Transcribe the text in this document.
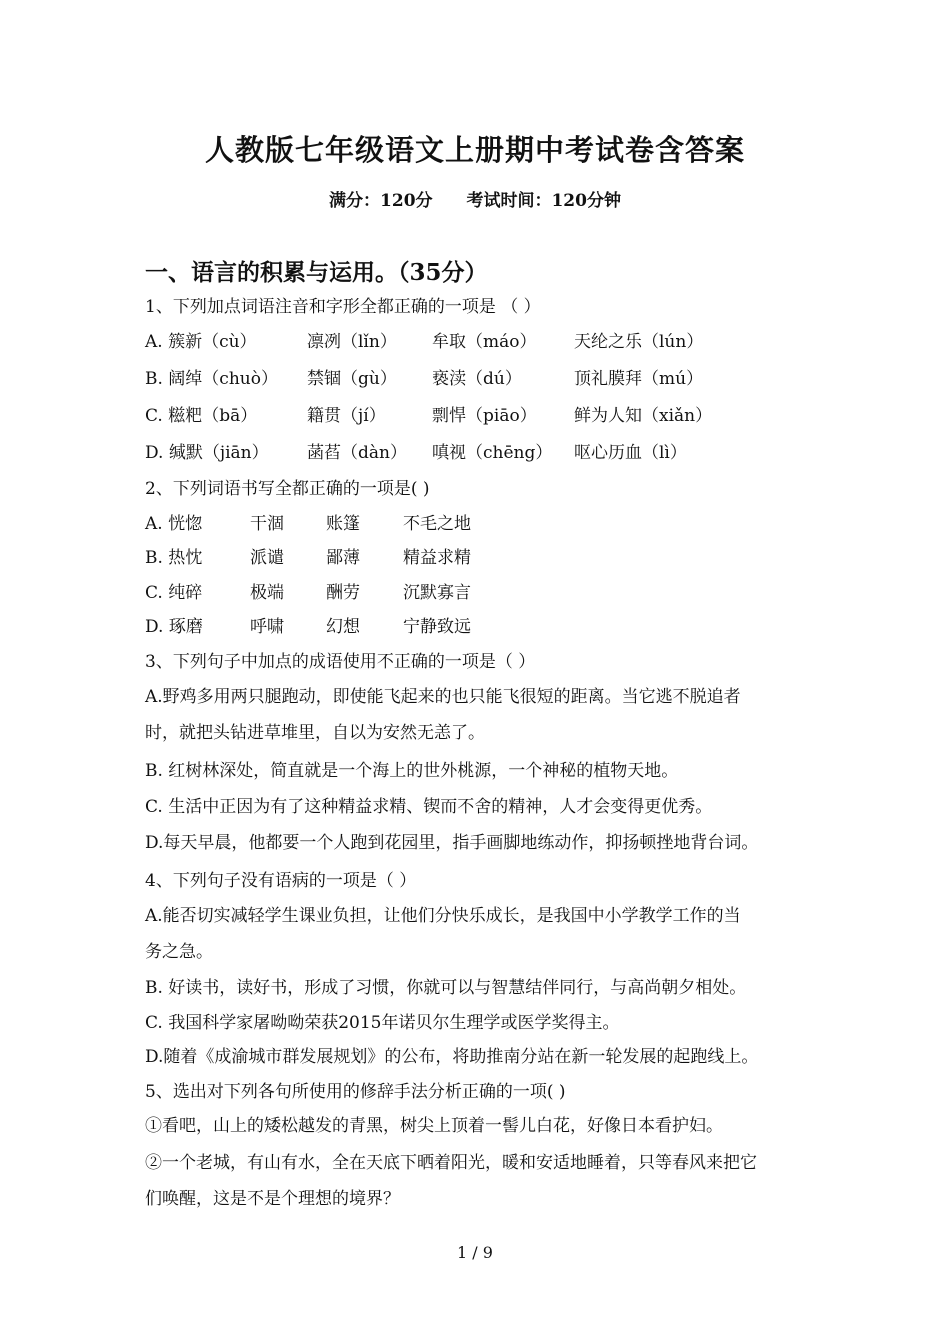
人教版七年级语文上册期中考试卷含答案
满分：120分 考试时间：120分钟
一、语言的积累与运用。（35分）
1、下列加点词语注音和字形全都正确的一项是 （ ）
A. 簇新（cù）	凛冽（lǐn） 牟取（máo） 天纶之乐（lún）
B. 阔绰（chuò） 禁锢（gù） 亵渎（dú）	顶礼膜拜（mú）
C. 糍粑（bā）	籍贯（jí）	剽悍（piāo） 鲜为人知（xiǎn）
D. 缄默（jiān） 菡萏（dàn） 嗔视（chēng） 呕心历血（lì）
2、下列词语书写全都正确的一项是( )
A. 恍惚	干涸 账篷	不毛之地
B. 热忱	派谴 鄙薄	精益求精
C. 纯碎	极端 酬劳	沉默寡言
D. 琢磨	呼啸 幻想	宁静致远
3、下列句子中加点的成语使用不正确的一项是（ ）
A.野鸡多用两只腿跑动，即使能飞起来的也只能飞很短的距离。当它逃不脱追者
时，就把头钻进草堆里，自以为安然无恙了。
B. 红树林深处，简直就是一个海上的世外桃源，一个神秘的植物天地。
C. 生活中正因为有了这种精益求精、锲而不舍的精神，人才会变得更优秀。
D.每天早晨，他都要一个人跑到花园里，指手画脚地练动作，抑扬顿挫地背台词。
4、下列句子没有语病的一项是（ ）
A.能否切实减轻学生课业负担，让他们分快乐成长，是我国中小学教学工作的当
务之急。
B. 好读书，读好书，形成了习惯，你就可以与智慧结伴同行，与高尚朝夕相处。
C. 我国科学家屠呦呦荣获2015年诺贝尔生理学或医学奖得主。
D.随着《成渝城市群发展规划》的公布，将助推南分站在新一轮发展的起跑线上。
5、选出对下列各句所使用的修辞手法分析正确的一项( )
①看吧，山上的矮松越发的青黑，树尖上顶着一髻儿白花，好像日本看护妇。
②一个老城，有山有水，全在天底下晒着阳光，暖和安适地睡着，只等春风来把它
们唤醒，这是不是个理想的境界？
1 / 9
